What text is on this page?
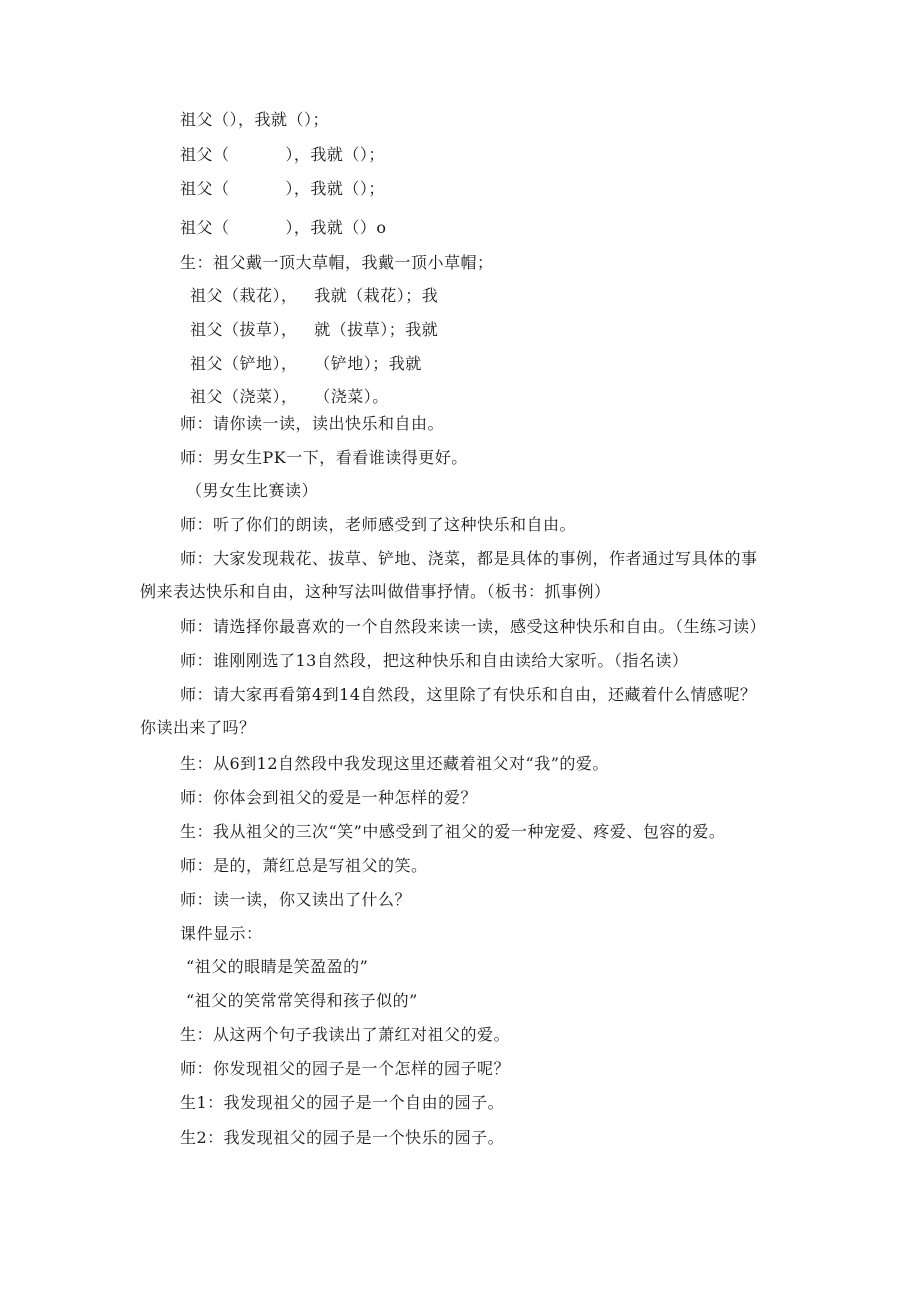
祖父（），我就（）；
祖父（          ），我就（）；
祖父（          ），我就（）；
祖父（          ），我就（）o
生：祖父戴一顶大草帽，我戴一顶小草帽；
祖父（栽花），   我就（栽花）；我
祖父（拔草），   就（拔草）；我就
祖父（铲地），   （铲地）；我就
祖父（浇菜），   （浇菜）。
师：请你读一读，读出快乐和自由。
师：男女生PK一下，看看谁读得更好。
（男女生比赛读）
师：听了你们的朗读，老师感受到了这种快乐和自由。
师：大家发现栽花、拔草、铲地、浇菜，都是具体的事例，作者通过写具体的事
例来表达快乐和自由，这种写法叫做借事抒情。（板书：抓事例）
师：请选择你最喜欢的一个自然段来读一读，感受这种快乐和自由。（生练习读）
师：谁刚刚选了13自然段，把这种快乐和自由读给大家听。（指名读）
师：请大家再看第4到14自然段，这里除了有快乐和自由，还藏着什么情感呢？
你读出来了吗？
生：从6到12自然段中我发现这里还藏着祖父对“我”的爱。
师：你体会到祖父的爱是一种怎样的爱？
生：我从祖父的三次“笑”中感受到了祖父的爱一种宠爱、疼爱、包容的爱。
师：是的，萧红总是写祖父的笑。
师：读一读，你又读出了什么？
课件显示：
“祖父的眼睛是笑盈盈的”
“祖父的笑常常笑得和孩子似的”
生：从这两个句子我读出了萧红对祖父的爱。
师：你发现祖父的园子是一个怎样的园子呢？
生1：我发现祖父的园子是一个自由的园子。
生2：我发现祖父的园子是一个快乐的园子。
